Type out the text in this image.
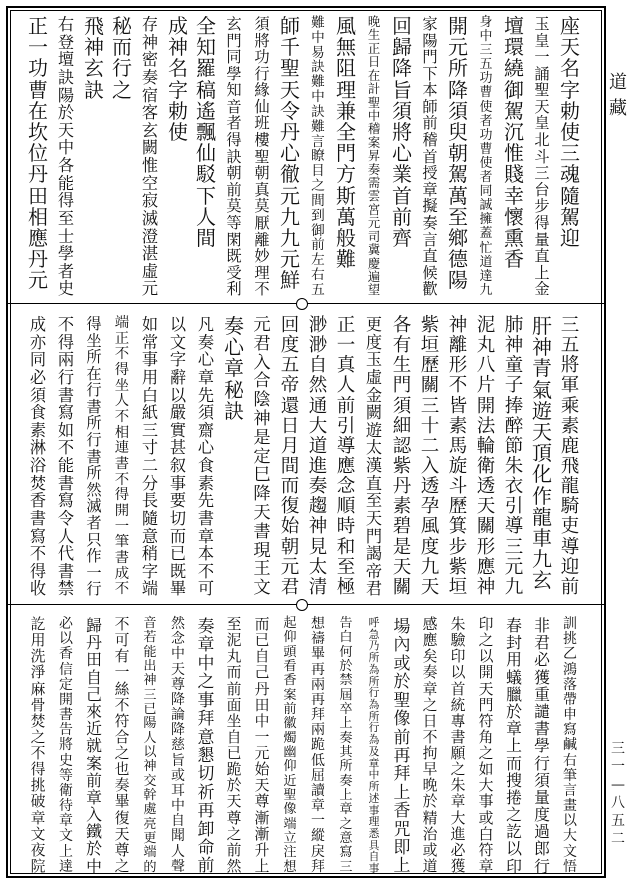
座
天
名
字
勅
使
三
魂
隨
駕
迎
玉
皇
一
誦
聖
天
皇
北
斗
三
台
步
得
量
直
上
金
壇
環
繞
御
駕
沉
惟
賤
幸
懷
熏
香
身
中
三
五
功
曹
使
者
功
曹
使
者
同
誠
擁
蓋
忙
道
達
九
開
元
所
降
須
臾
朝
駕
萬
至
鄉
德
陽
家
陽
門
下
本
師
前
稽
首
授
章
擬
奏
言
直
候
歡
回
歸
降
旨
須
將
心
業
首
前
齊
晚
生
正
日
在
計
聖
中
稽
案
昇
奏
需
雲
宮
元
司
冀
慶
遍
望
風
無
阻
理
兼
全
門
方
斯
萬
般
難
難
中
易
訣
難
中
訣
難
言
瞭
目
之
間
到
御
前
左
右
五
師
千
聖
天
令
丹
心
徹
元
九
九
元
鮮
須
將
功
行
緣
仙
班
樓
聖
朝
真
莫
厭
離
妙
理
不
玄
門
同
學
知
音
者
得
訣
朝
前
莫
等
閑
既
受
利
全
知
羅
稿
遙
飄
仙
駁
下
人
間
成
神
名
字
勅
使
存
神
密
奏
宿
客
玄
闕
惟
空
寂
滅
澄
湛
虛
元
秘
而
行
之
飛
神
玄
訣
右
登
壇
訣
陽
於
天
中
各
能
得
至
士
學
者
史
正
一
功
曹
在
坎
位
丹
田
相
應
丹
元
三
五
將
軍
乘
素
鹿
飛
龍
騎
吏
導
迎
前
肝
神
青
氣
遊
天
頂
化
作
龍
車
九
玄
肺
神
童
子
捧
醉
節
朱
衣
引
導
三
元
九
泥
丸
八
片
開
法
輪
衛
透
天
關
形
應
神
神
離
形
不
皆
素
馬
旋
斗
歷
箕
步
紫
垣
紫
垣
歷
關
三
十
二
入
透
孕
風
度
九
天
各
有
生
門
須
細
認
紫
丹
素
碧
是
天
關
更
度
玉
虛
金
闕
遊
太
漢
直
至
天
門
謁
帝
君
正
一
真
人
前
引
導
應
念
順
時
和
至
極
渺
渺
自
然
通
大
道
進
奏
趨
神
見
太
清
回
度
五
帝
還
日
月
間
而
復
始
朝
元
君
元
君
入
合
陰
神
是
定
巳
降
天
書
現
王
文
奏
心
章
秘
訣
凡
奏
心
章
先
須
齋
心
食
素
先
書
章
本
不
可
以
文
字
辭
以
嚴
實
甚
叙
事
要
切
而
已
既
畢
如
常
事
用
白
紙
三
寸
二
分
長
隨
意
稍
字
端
端
正
不
得
坐
人
不
相
連
書
不
得
開
一
筆
書
成
不
得
坐
所
在
行
書
所
行
書
所
然
滅
者
只
作
一
行
不
得
兩
行
書
寫
如
不
能
書
寫
令
人
代
書
禁
成
亦
同
必
須
食
素
淋
浴
焚
香
書
寫
不
得
收
訓
挑
乙
鴻
落
帶
申
寫
鹹
右
筆
言
畫
以
大
文
悟
非
君
必
獲
重
譴
書
學
行
須
量
度
過
郎
行
春
封
用
蟻
臘
於
章
上
而
搜
捲
之
訖
以
印
印
之
以
開
天
門
符
角
之
如
大
事
或
白
符
章
朱
驗
印
以
首
統
專
書
願
之
朱
章
大
進
必
獲
感
應
矣
奏
章
之
日
不
拘
早
晚
於
精
治
或
道
場
內
或
於
聖
像
前
再
拜
上
香
咒
即
上
呼
急
乃
所
為
所
行
為
所
行
為
及
章
中
所
述
事
理
悉
具
自
事
告
白
何
於
禁
屆
卒
上
奏
其
所
奏
上
章
之
意
寫
三
想
禱
畢
再
兩
再
拜
兩
跪
低
屈
讀
章
一
縱
戾
拜
起
仰
頭
看
香
案
前
徽
燭
幽
仰
近
聖
像
端
立
注
想
而
已
自
己
丹
田
中
一
元
始
天
尊
漸
漸
升
上
至
泥
丸
而
前
面
坐
自
已
跪
於
天
尊
之
前
然
奏
章
中
之
事
拜
意
懇
切
祈
再
卸
命
前
然
念
中
天
尊
降
論
降
慈
旨
或
耳
中
自
聞
人
聲
音
若
能
出
神
三
已
陽
人
以
神
交
幹
處
亮
更
端
的
不
可
有
一
絲
不
符
合
之
也
奏
畢
復
天
尊
之
歸
丹
田
自
己
來
近
就
案
前
章
入
鐵
於
中
必
以
香
信
定
開
書
告
將
史
等
衛
待
章
文
上
達
訖
用
洗
淨
麻
骨
焚
之
不
得
挑
破
章
文
夜
院
道
藏
三
一
—
八
五
二
